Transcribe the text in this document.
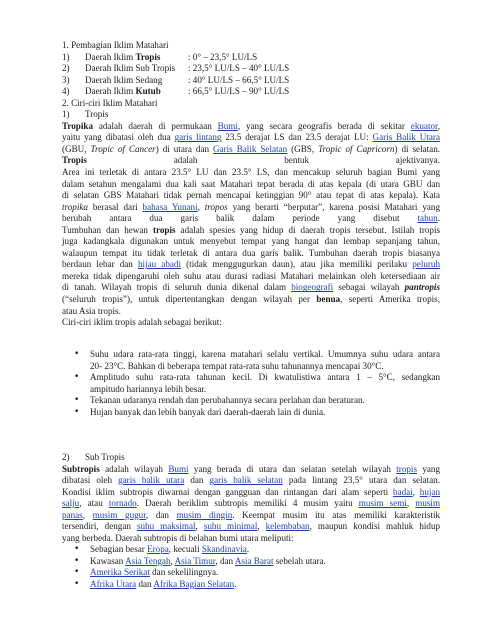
1. Pembagian Iklim Matahari
1) Daerah Iklim Tropis	: 0° – 23,5° LU/LS
2) Daerah Iklim Sub Tropis : 23,5° LU/LS – 40° LU/LS
3) Daerah Iklim Sedang	: 40° LU/LS – 66,5° LU/LS
4) Daerah Iklim Kutub	: 66,5° LU/LS – 90° LU/LS
2. Ciri-ciri Iklim Matahari
1) Tropis
Tropika adalah daerah di permukaan Bumi, yang secara geografis berada di sekitar ekuator,
yaitu yang dibatasi oleh dua garis lintang 23.5 derajat LS dan 23.5 derajat LU: Garis Balik Utara
(GBU, Tropic of Cancer) di utara dan Garis Balik Selatan (GBS, Tropic of Capricorn) di selatan.
Tropis adalah bentuk ajektivanya.
Area ini terletak di antara 23.5° LU dan 23.5° LS, dan mencakup seluruh bagian Bumi yang
dalam setahun mengalami dua kali saat Matahari tepat berada di atas kepala (di utara GBU dan
di selatan GBS Matahari tidak pernah mencapai ketinggian 90° atau tepat di atas kepala). Kata
tropika berasal dari bahasa Yunani, tropos yang berarti “berputar”, karena posisi Matahari yang
berubah antara dua garis balik dalam periode yang disebut tahun.
Tumbuhan dan hewan tropis adalah spesies yang hidup di daerah tropis tersebut. Istilah tropis
juga kadangkala digunakan untuk menyebut tempat yang hangat dan lembap sepanjang tahun,
walaupun tempat itu tidak terletak di antara dua garis balik. Tumbuhan daerah tropis biasanya
berdaun lebar dan hijau abadi (tidak menggugurkan daun), atau jika memiliki perilaku peluruh
mereka tidak dipengaruhi oleh suhu atau durasi radiasi Matahari melainkan oleh ketersediaan air
di tanah. Wilayah tropis di seluruh dunia dikenal dalam biogeografi sebagai wilayah pantropis
(“seluruh tropis”), untuk dipertentangkan dengan wilayah per benua, seperti Amerika tropis,
atau Asia tropis.
Ciri-ciri iklim tropis adalah sebagai berikut:
• Suhu udara rata-rata tinggi, karena matahari selalu vertikal. Umumnya suhu udara antara
20- 23°C. Bahkan di beberapa tempat rata-rata suhu tahunannya mencapai 30°C.
• Amplitudo suhu rata-rata tahunan kecil. Di kwatulistiwa antara 1 – 5°C, sedangkan
ampitudo hariannya lebih besar.
• Tekanan udaranya rendah dan perubahannya secara perlahan dan beraturan.
• Hujan banyak dan lebih banyak dari daerah-daerah lain di dunia.
2) Sub Tropis
Subtropis adalah wilayah Bumi yang berada di utara dan selatan setelah wilayah tropis yang
dibatasi oleh garis balik utara dan garis balik selatan pada lintang 23,5° utara dan selatan.
Kondisi iklim subtropis diwarnai dengan gangguan dan rintangan dari alam seperti badai, hujan
salju, atau tornado. Daerah beriklim subtropis memiliki 4 musim yaitu musim semi, musim
panas, musim gugur, dan musim dingin. Keempat musim itu atas memiliki karakteristik
tersendiri, dengan suhu maksimal, suhu minimal, kelembaban, maupun kondisi mahluk hidup
yang berbeda. Daerah subtropis di belahan bumi utara meliputi:
• Sebagian besar Eropa, kecuali Skandinavia.
• Kawasan Asia Tengah, Asia Timur, dan Asia Barat sebelah utara.
• Amerika Serikat dan sekelilingnya.
• Afrika Utara dan Afrika Bagian Selatan.
